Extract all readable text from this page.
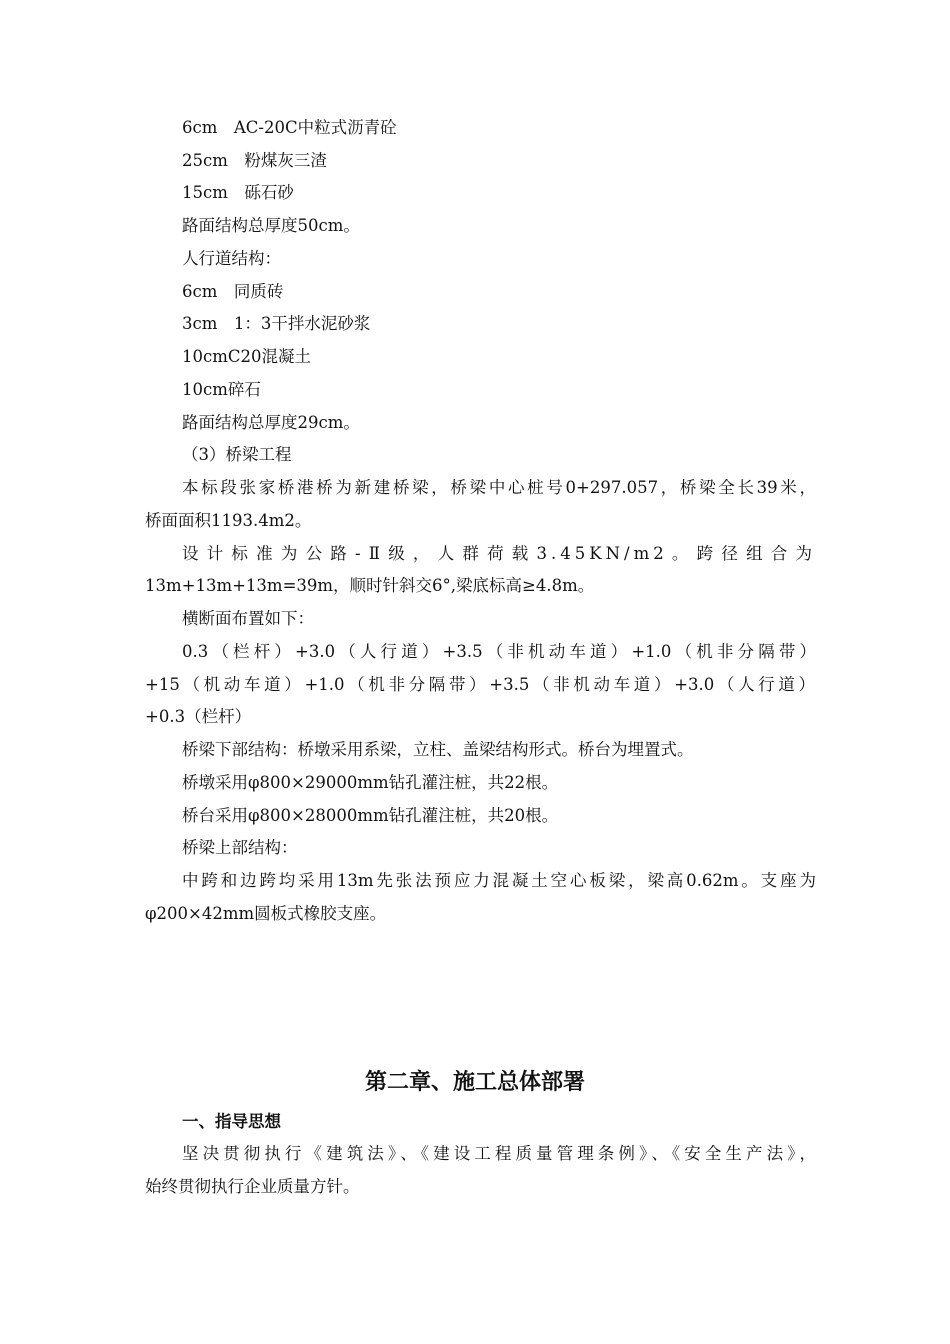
6cm　AC-20C中粒式沥青砼
25cm　粉煤灰三渣
15cm　砾石砂
路面结构总厚度50cm。
人行道结构：
6cm　同质砖
3cm　1：3干拌水泥砂浆
10cmC20混凝土
10cm碎石
路面结构总厚度29cm。
（3）桥梁工程
本标段张家桥港桥为新建桥梁，桥梁中心桩号0+297.057，桥梁全长39米，
桥面面积1193.4m2。
设计标准为公路-Ⅱ级，人群荷载3.45KN/m2。跨径组合为
13m+13m+13m=39m，顺时针斜交6°,梁底标高≥4.8m。
横断面布置如下：
0.3（栏杆）+3.0（人行道）+3.5（非机动车道）+1.0（机非分隔带）
+15（机动车道）+1.0（机非分隔带）+3.5（非机动车道）+3.0（人行道）
+0.3（栏杆）
桥梁下部结构：桥墩采用系梁，立柱、盖梁结构形式。桥台为埋置式。
桥墩采用φ800×29000mm钻孔灌注桩，共22根。
桥台采用φ800×28000mm钻孔灌注桩，共20根。
桥梁上部结构：
中跨和边跨均采用13m先张法预应力混凝土空心板梁，梁高0.62m。支座为
φ200×42mm圆板式橡胶支座。
第二章、施工总体部署
一、指导思想
坚决贯彻执行《建筑法》、《建设工程质量管理条例》、《安全生产法》，
始终贯彻执行企业质量方针。
